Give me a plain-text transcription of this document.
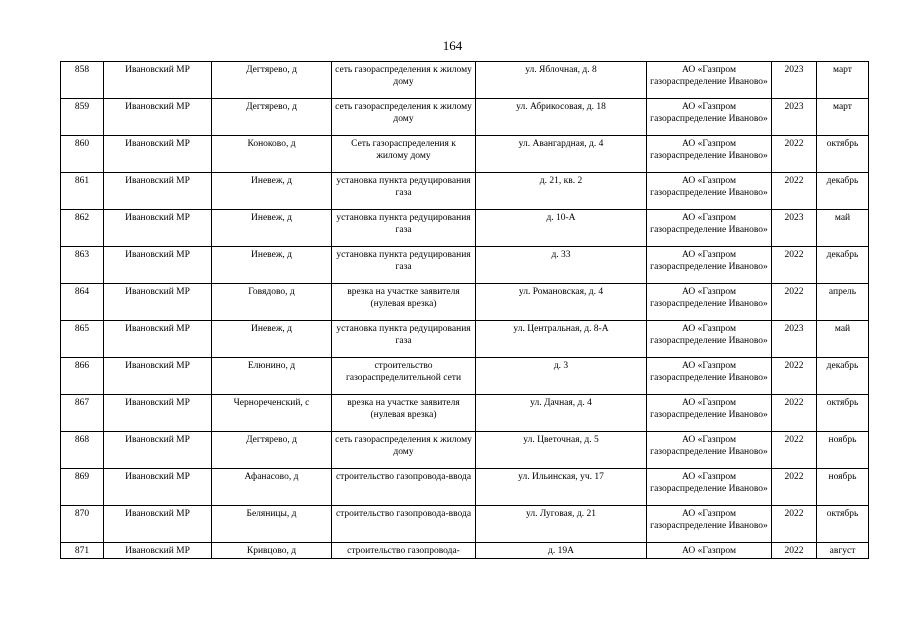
164
858	Ивановский МР	Дегтярево, д	сеть газораспределения к жилому дому	ул. Яблочная, д. 8	АО «Газпром газораспределение Иваново»	2023	март
859	Ивановский МР	Дегтярево, д	сеть газораспределения к жилому дому	ул. Абрикосовая, д. 18	АО «Газпром газораспределение Иваново»	2023	март
860	Ивановский МР	Коноково, д	Сеть газораспределения к жилому дому	ул. Авангардная, д. 4	АО «Газпром газораспределение Иваново»	2022	октябрь
861	Ивановский МР	Иневеж, д	установка пункта редуцирования газа	д. 21, кв. 2	АО «Газпром газораспределение Иваново»	2022	декабрь
862	Ивановский МР	Иневеж, д	установка пункта редуцирования газа	д. 10-А	АО «Газпром газораспределение Иваново»	2023	май
863	Ивановский МР	Иневеж, д	установка пункта редуцирования газа	д. 33	АО «Газпром газораспределение Иваново»	2022	декабрь
864	Ивановский МР	Говядово, д	врезка на участке заявителя (нулевая врезка)	ул. Романовская, д. 4	АО «Газпром газораспределение Иваново»	2022	апрель
865	Ивановский МР	Иневеж, д	установка пункта редуцирования газа	ул. Центральная, д. 8-А	АО «Газпром газораспределение Иваново»	2023	май
866	Ивановский МР	Елюнино, д	строительство газораспределительной сети	д. 3	АО «Газпром газораспределение Иваново»	2022	декабрь
867	Ивановский МР	Чернореченский, с	врезка на участке заявителя (нулевая врезка)	ул. Дачная, д. 4	АО «Газпром газораспределение Иваново»	2022	октябрь
868	Ивановский МР	Дегтярево, д	сеть газораспределения к жилому дому	ул. Цветочная, д. 5	АО «Газпром газораспределение Иваново»	2022	ноябрь
869	Ивановский МР	Афанасово, д	строительство газопровода-ввода	ул. Ильинская, уч. 17	АО «Газпром газораспределение Иваново»	2022	ноябрь
870	Ивановский МР	Беляницы, д	строительство газопровода-ввода	ул. Луговая, д. 21	АО «Газпром газораспределение Иваново»	2022	октябрь
871	Ивановский МР	Кривцово, д	строительство газопровода-	д. 19А	АО «Газпром	2022	август
